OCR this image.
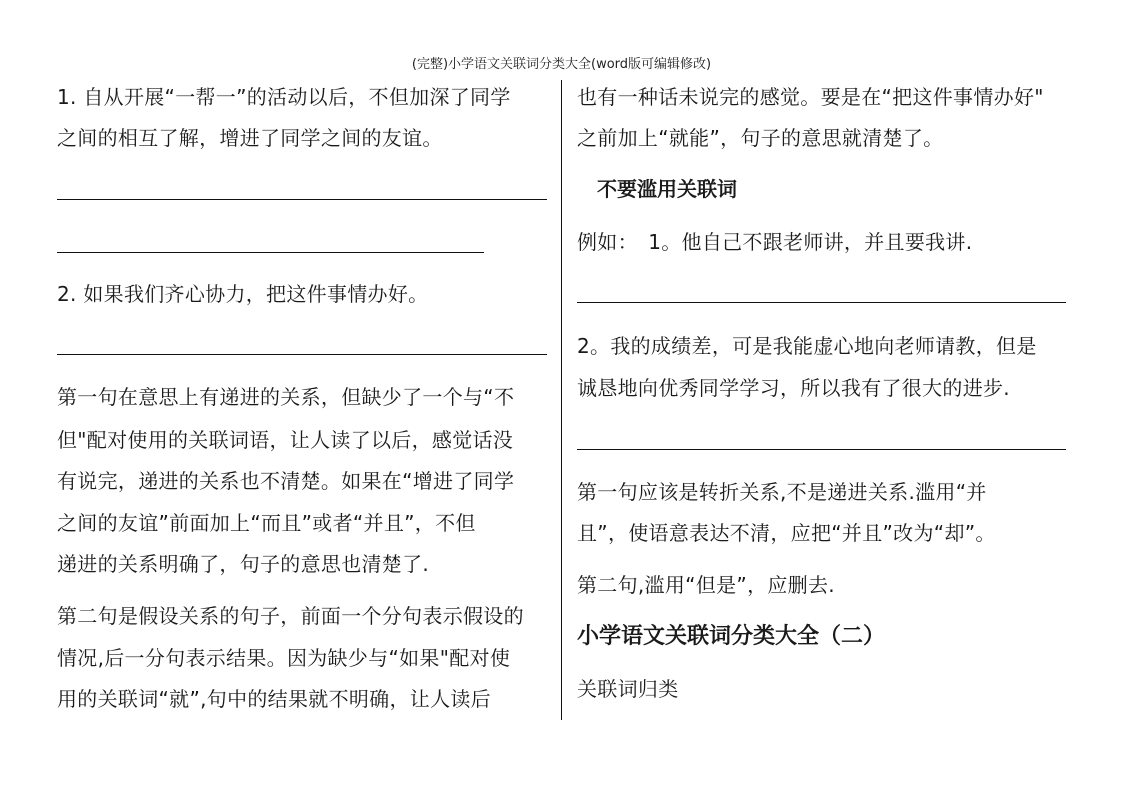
(完整)小学语文关联词分类大全(word版可编辑修改)
1. 自从开展“一帮一”的活动以后，不但加深了同学
之间的相互了解，增进了同学之间的友谊。
2. 如果我们齐心协力，把这件事情办好。
第一句在意思上有递进的关系，但缺少了一个与“不
但"配对使用的关联词语，让人读了以后，感觉话没
有说完，递进的关系也不清楚。如果在“增进了同学
之间的友谊”前面加上“而且”或者“并且”，不但
递进的关系明确了，句子的意思也清楚了.
第二句是假设关系的句子，前面一个分句表示假设的
情况,后一分句表示结果。因为缺少与“如果"配对使
用的关联词“就”,句中的结果就不明确，让人读后
也有一种话未说完的感觉。要是在“把这件事情办好"
之前加上“就能”，句子的意思就清楚了。
不要滥用关联词
例如：　1。他自己不跟老师讲，并且要我讲.
2。我的成绩差，可是我能虚心地向老师请教，但是
诚恳地向优秀同学学习，所以我有了很大的进步.
第一句应该是转折关系,不是递进关系.滥用“并
且”，使语意表达不清，应把“并且”改为“却”。
第二句,滥用“但是”，应删去.
小学语文关联词分类大全（二）
关联词归类
